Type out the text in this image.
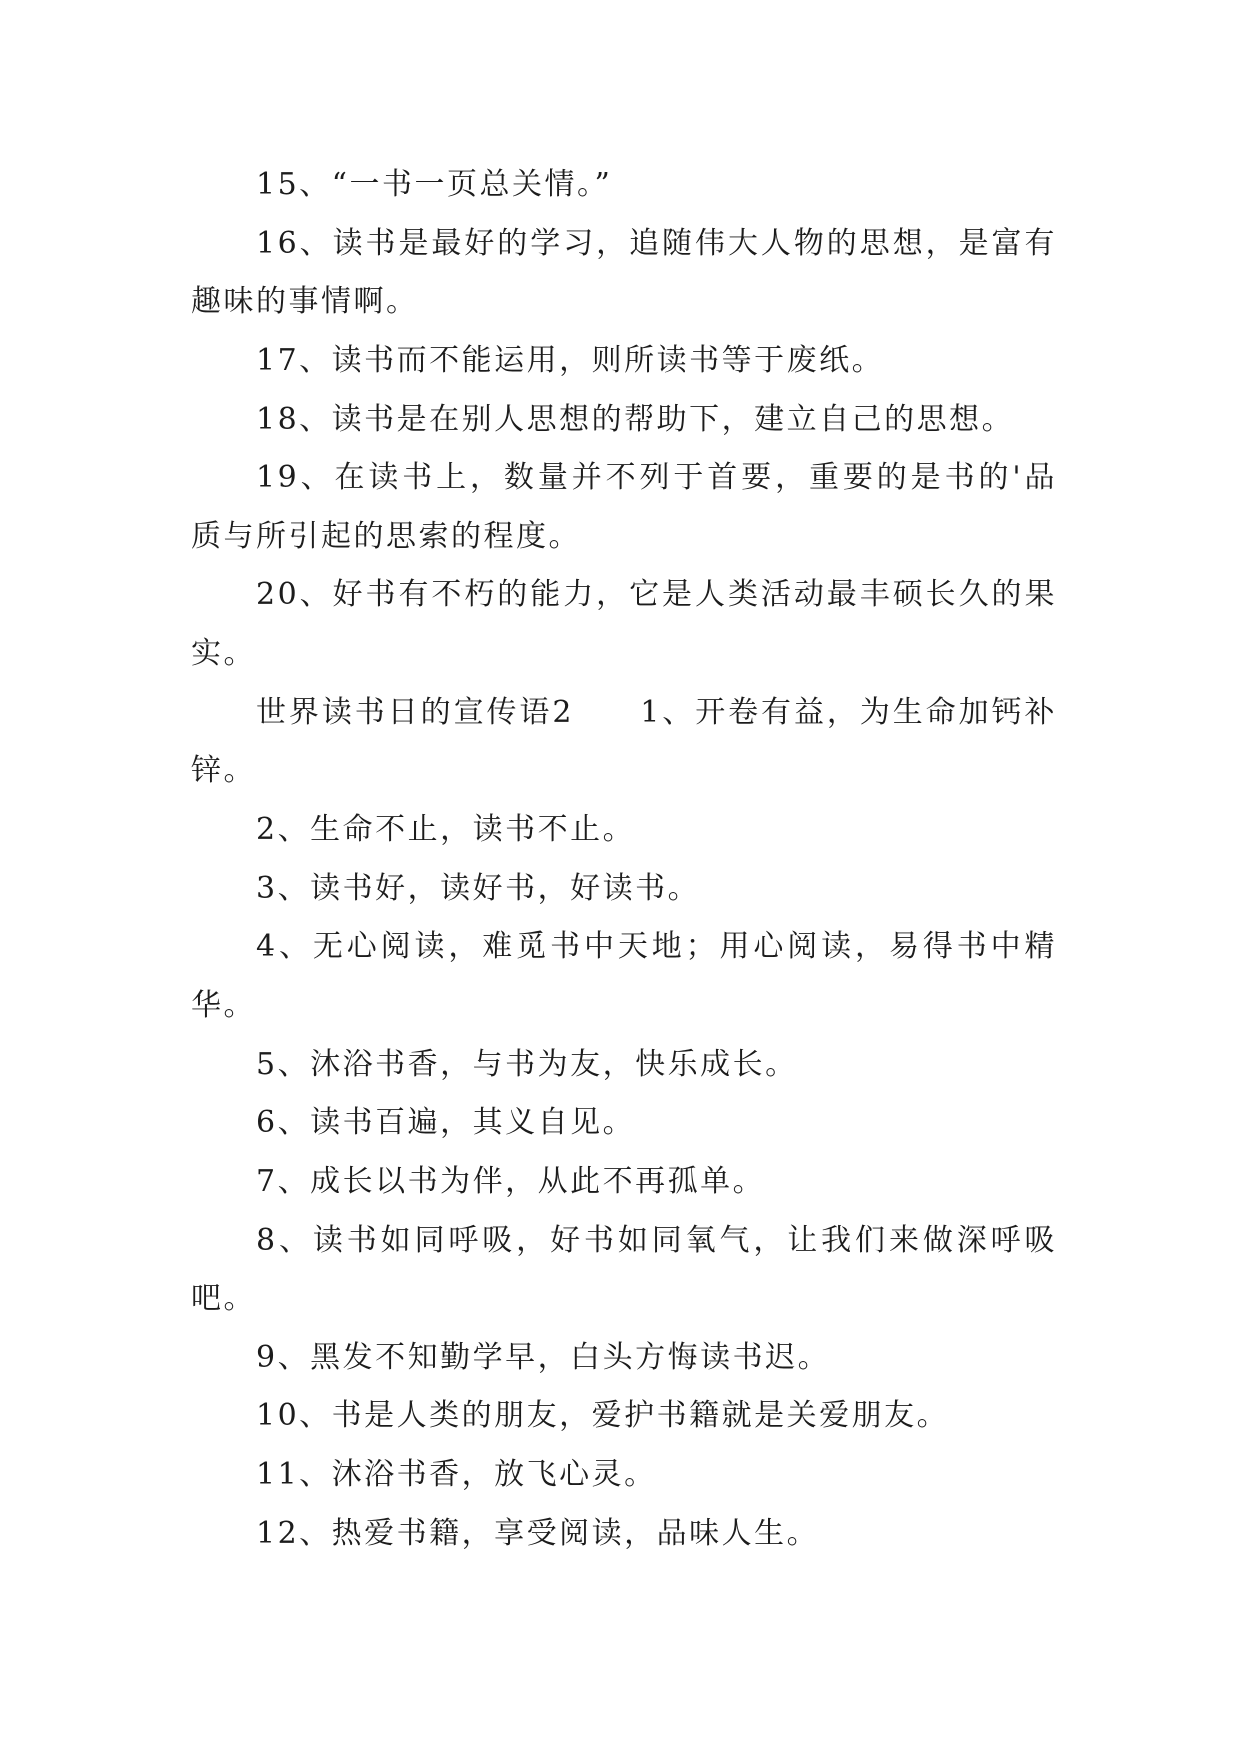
15、“一书一页总关情。”
16、读书是最好的学习，追随伟大人物的思想，是富有
趣味的事情啊。
17、读书而不能运用，则所读书等于废纸。
18、读书是在别人思想的帮助下，建立自己的思想。
19、在读书上，数量并不列于首要，重要的是书的'品
质与所引起的思索的程度。
20、好书有不朽的能力，它是人类活动最丰硕长久的果
实。
世界读书日的宣传语2　　1、开卷有益，为生命加钙补
锌。
2、生命不止，读书不止。
3、读书好，读好书，好读书。
4、无心阅读，难觅书中天地；用心阅读，易得书中精
华。
5、沐浴书香，与书为友，快乐成长。
6、读书百遍，其义自见。
7、成长以书为伴，从此不再孤单。
8、读书如同呼吸，好书如同氧气，让我们来做深呼吸
吧。
9、黑发不知勤学早，白头方悔读书迟。
10、书是人类的朋友，爱护书籍就是关爱朋友。
11、沐浴书香，放飞心灵。
12、热爱书籍，享受阅读，品味人生。
